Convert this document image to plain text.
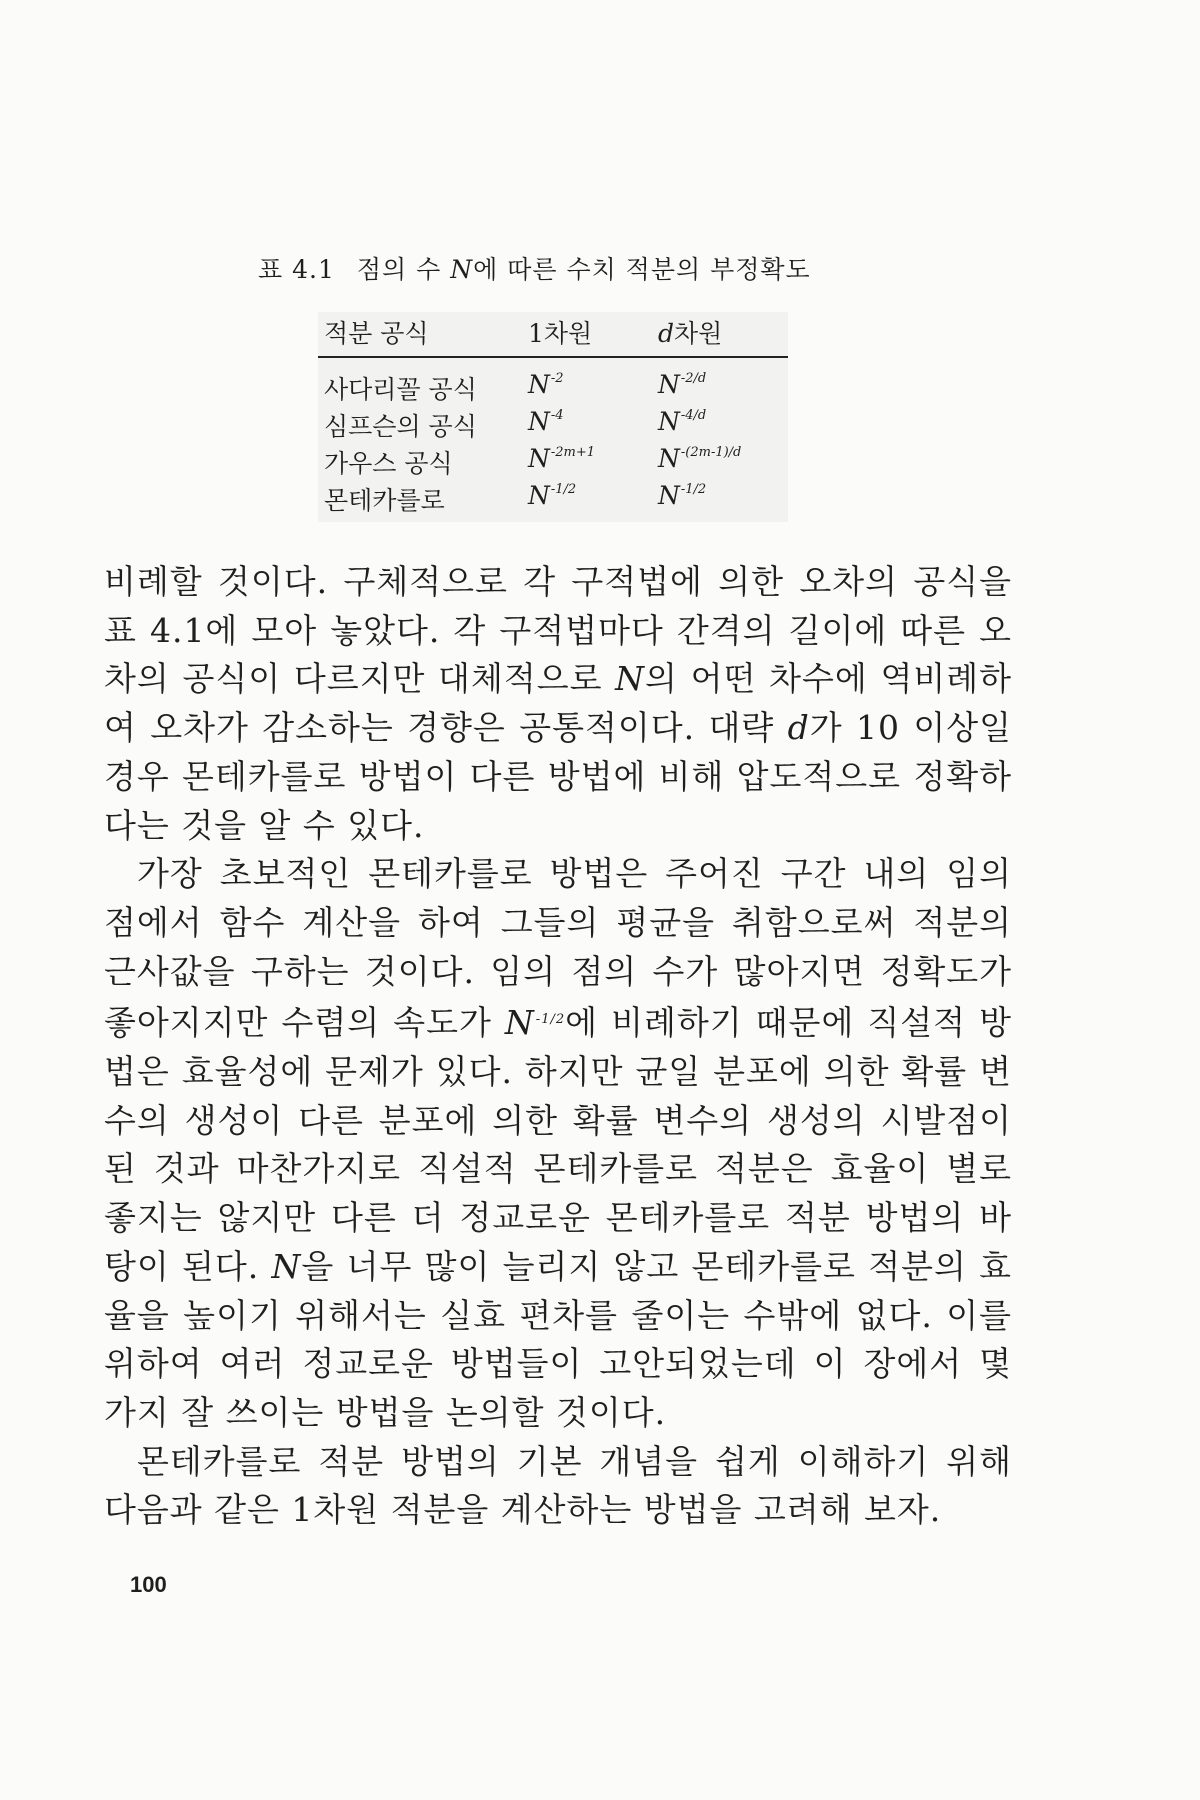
표 4.1 점의 수 N에 따른 수치 적분의 부정확도
적분 공식	1차원	d차원
사다리꼴 공식 $N^{-2}$	$N^{-2/d}$
심프슨의 공식 $N^{-4}$	$N^{-4/d}$
가우스 공식	$N^{-2m+1}$	$N^{-(2m-1)/d}$
몬테카를로	$N^{-1/2}$	$N^{-1/2}$

비례할 것이다. 구체적으로 각 구적법에 의한 오차의 공식을 표 4.1에 모아 놓았다. 각 구적법마다 간격의 길이에 따른 오차의 공식이 다르지만 대체적으로 N의 어떤 차수에 역비례하여 오차가 감소하는 경향은 공통적이다. 대략 d가 10 이상일 경우 몬테카를로 방법이 다른 방법에 비해 압도적으로 정확하다는 것을 알 수 있다.

가장 초보적인 몬테카를로 방법은 주어진 구간 내의 임의 점에서 함수 계산을 하여 그들의 평균을 취함으로써 적분의 근사값을 구하는 것이다. 임의 점의 수가 많아지면 정확도가 좋아지지만 수렴의 속도가 $N^{-1/2}$에 비례하기 때문에 직설적 방법은 효율성에 문제가 있다. 하지만 균일 분포에 의한 확률 변수의 생성이 다른 분포에 의한 확률 변수의 생성의 시발점이 된 것과 마찬가지로 직설적 몬테카를로 적분은 효율이 별로 좋지는 않지만 다른 더 정교로운 몬테카를로 적분 방법의 바탕이 된다. N을 너무 많이 늘리지 않고 몬테카를로 적분의 효율을 높이기 위해서는 실효 편차를 줄이는 수밖에 없다. 이를 위하여 여러 정교로운 방법들이 고안되었는데 이 장에서 몇 가지 잘 쓰이는 방법을 논의할 것이다.

몬테카를로 적분 방법의 기본 개념을 쉽게 이해하기 위해 다음과 같은 1차원 적분을 계산하는 방법을 고려해 보자.

100
